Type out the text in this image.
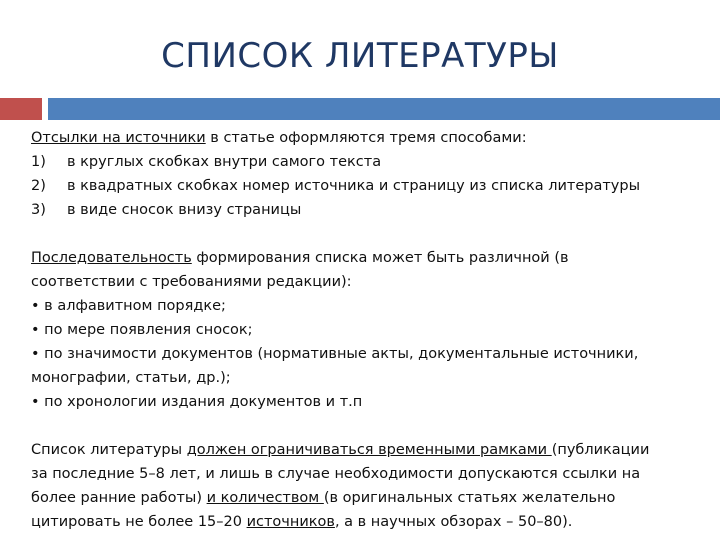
СПИСОК ЛИТЕРАТУРЫ
Отсылки на источники в статье оформляются тремя способами:
1) в круглых скобках внутри самого текста
2) в квадратных скобках номер источника и страницу из списка литературы
3) в виде сносок внизу страницы
Последовательность формирования списка может быть различной (в
соответствии с требованиями редакции):
• в алфавитном порядке;
• по мере появления сносок;
• по значимости документов (нормативные акты, документальные источники,
монографии, статьи, др.);
• по хронологии издания документов и т.п
Список литературы должен ограничиваться временными рамками (публикации
за последние 5–8 лет, и лишь в случае необходимости допускаются ссылки на
более ранние работы) и количеством (в оригинальных статьях желательно
цитировать не более 15–20 источников, а в научных обзорах – 50–80).
